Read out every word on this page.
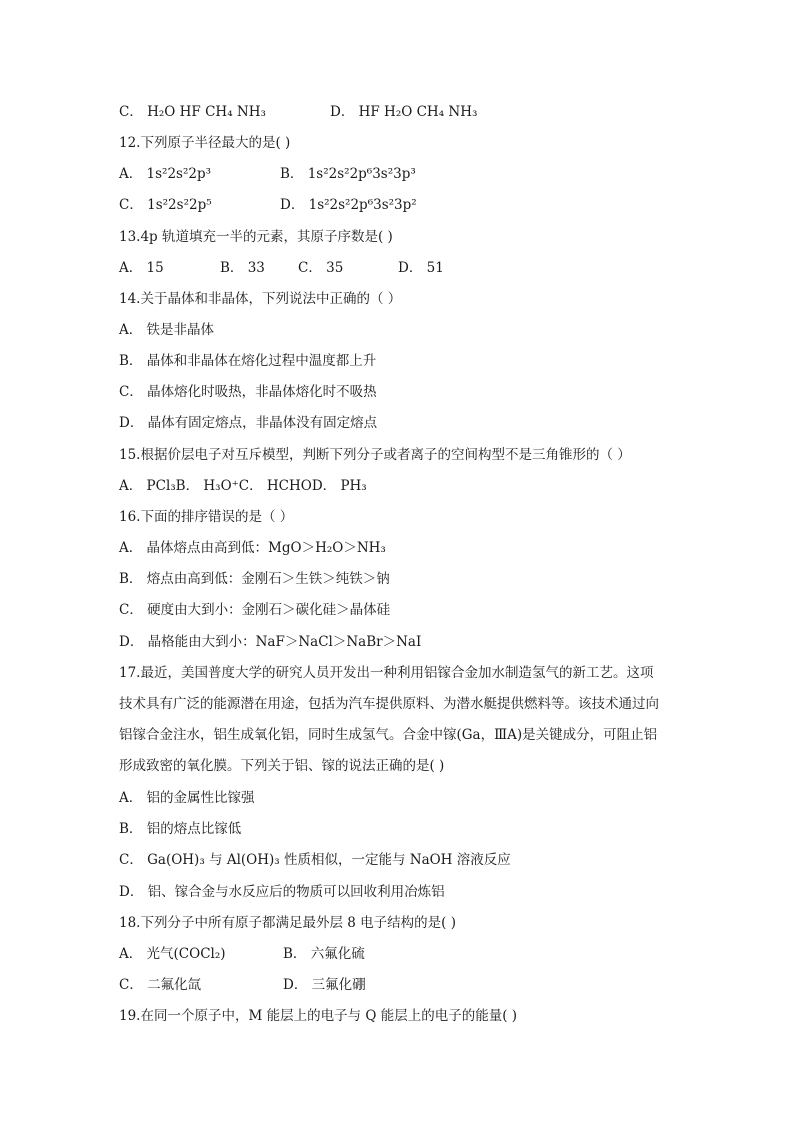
C． H₂O HF CH₄ NH₃	D． HF H₂O CH₄ NH₃
12.下列原子半径最大的是( )
A． 1s²2s²2p³	B． 1s²2s²2p⁶3s²3p³
C． 1s²2s²2p⁵	D． 1s²2s²2p⁶3s²3p²
13.4p 轨道填充一半的元素，其原子序数是( )
A． 15	B． 33 C． 35	D． 51
14.关于晶体和非晶体，下列说法中正确的（ ）
A． 铁是非晶体
B． 晶体和非晶体在熔化过程中温度都上升
C． 晶体熔化时吸热，非晶体熔化时不吸热
D． 晶体有固定熔点，非晶体没有固定熔点
15.根据价层电子对互斥模型，判断下列分子或者离子的空间构型不是三角锥形的（ ）
A． PCl₃B． H₃O⁺C． HCHOD． PH₃
16.下面的排序错误的是（ ）
A． 晶体熔点由高到低：MgO＞H₂O＞NH₃
B． 熔点由高到低：金刚石＞生铁＞纯铁＞钠
C． 硬度由大到小：金刚石＞碳化硅＞晶体硅
D． 晶格能由大到小：NaF＞NaCl＞NaBr＞NaI
17.最近，美国普度大学的研究人员开发出一种利用铝镓合金加水制造氢气的新工艺。这项
技术具有广泛的能源潜在用途，包括为汽车提供原料、为潜水艇提供燃料等。该技术通过向
铝镓合金注水，铝生成氧化铝，同时生成氢气。合金中镓(Ga，ⅢA)是关键成分，可阻止铝
形成致密的氧化膜。下列关于铝、镓的说法正确的是( )
A． 铝的金属性比镓强
B． 铝的熔点比镓低
C． Ga(OH)₃ 与 Al(OH)₃ 性质相似，一定能与 NaOH 溶液反应
D． 铝、镓合金与水反应后的物质可以回收利用冶炼铝
18.下列分子中所有原子都满足最外层 8 电子结构的是( )
A． 光气(COCl₂)	B． 六氟化硫
C． 二氟化氙	D． 三氟化硼
19.在同一个原子中，M 能层上的电子与 Q 能层上的电子的能量( )
